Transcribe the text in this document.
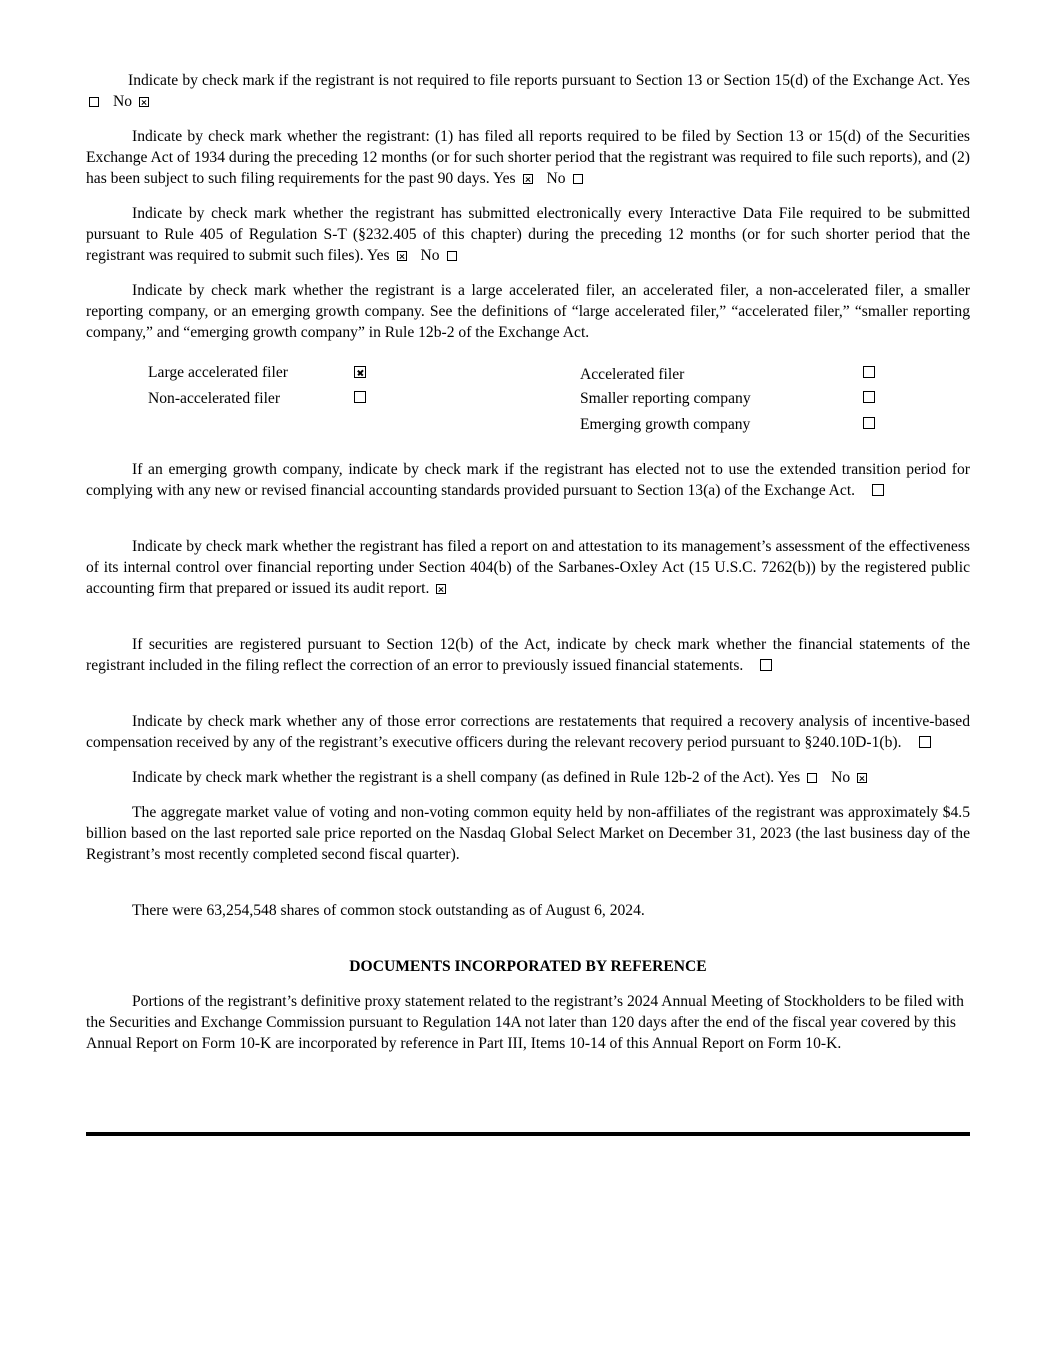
Indicate by check mark if the registrant is not required to file reports pursuant to Section 13 or Section 15(d) of the Exchange Act. Yes No

Indicate by check mark whether the registrant: (1) has filed all reports required to be filed by Section 13 or 15(d) of the Securities Exchange Act of 1934 during the preceding 12 months (or for such shorter period that the registrant was required to file such reports), and (2) has been subject to such filing requirements for the past 90 days. Yes No

Indicate by check mark whether the registrant has submitted electronically every Interactive Data File required to be submitted pursuant to Rule 405 of Regulation S-T (§232.405 of this chapter) during the preceding 12 months (or for such shorter period that the registrant was required to submit such files). Yes No

Indicate by check mark whether the registrant is a large accelerated filer, an accelerated filer, a non-accelerated filer, a smaller reporting company, or an emerging growth company. See the definitions of “large accelerated filer,” “accelerated filer,” “smaller reporting company,” and “emerging growth company” in Rule 12b-2 of the Exchange Act.

Large accelerated filer	Accelerated filer
Non-accelerated filer	Smaller reporting company
Emerging growth company

If an emerging growth company, indicate by check mark if the registrant has elected not to use the extended transition period for complying with any new or revised financial accounting standards provided pursuant to Section 13(a) of the Exchange Act.

Indicate by check mark whether the registrant has filed a report on and attestation to its management’s assessment of the effectiveness of its internal control over financial reporting under Section 404(b) of the Sarbanes-Oxley Act (15 U.S.C. 7262(b)) by the registered public accounting firm that prepared or issued its audit report.

If securities are registered pursuant to Section 12(b) of the Act, indicate by check mark whether the financial statements of the registrant included in the filing reflect the correction of an error to previously issued financial statements.

Indicate by check mark whether any of those error corrections are restatements that required a recovery analysis of incentive-based compensation received by any of the registrant’s executive officers during the relevant recovery period pursuant to §240.10D-1(b).

Indicate by check mark whether the registrant is a shell company (as defined in Rule 12b-2 of the Act). Yes No

The aggregate market value of voting and non-voting common equity held by non-affiliates of the registrant was approximately $4.5 billion based on the last reported sale price reported on the Nasdaq Global Select Market on December 31, 2023 (the last business day of the Registrant’s most recently completed second fiscal quarter).

There were 63,254,548 shares of common stock outstanding as of August 6, 2024.

DOCUMENTS INCORPORATED BY REFERENCE

Portions of the registrant’s definitive proxy statement related to the registrant’s 2024 Annual Meeting of Stockholders to be filed with the Securities and Exchange Commission pursuant to Regulation 14A not later than 120 days after the end of the fiscal year covered by this Annual Report on Form 10-K are incorporated by reference in Part III, Items 10-14 of this Annual Report on Form 10-K.
